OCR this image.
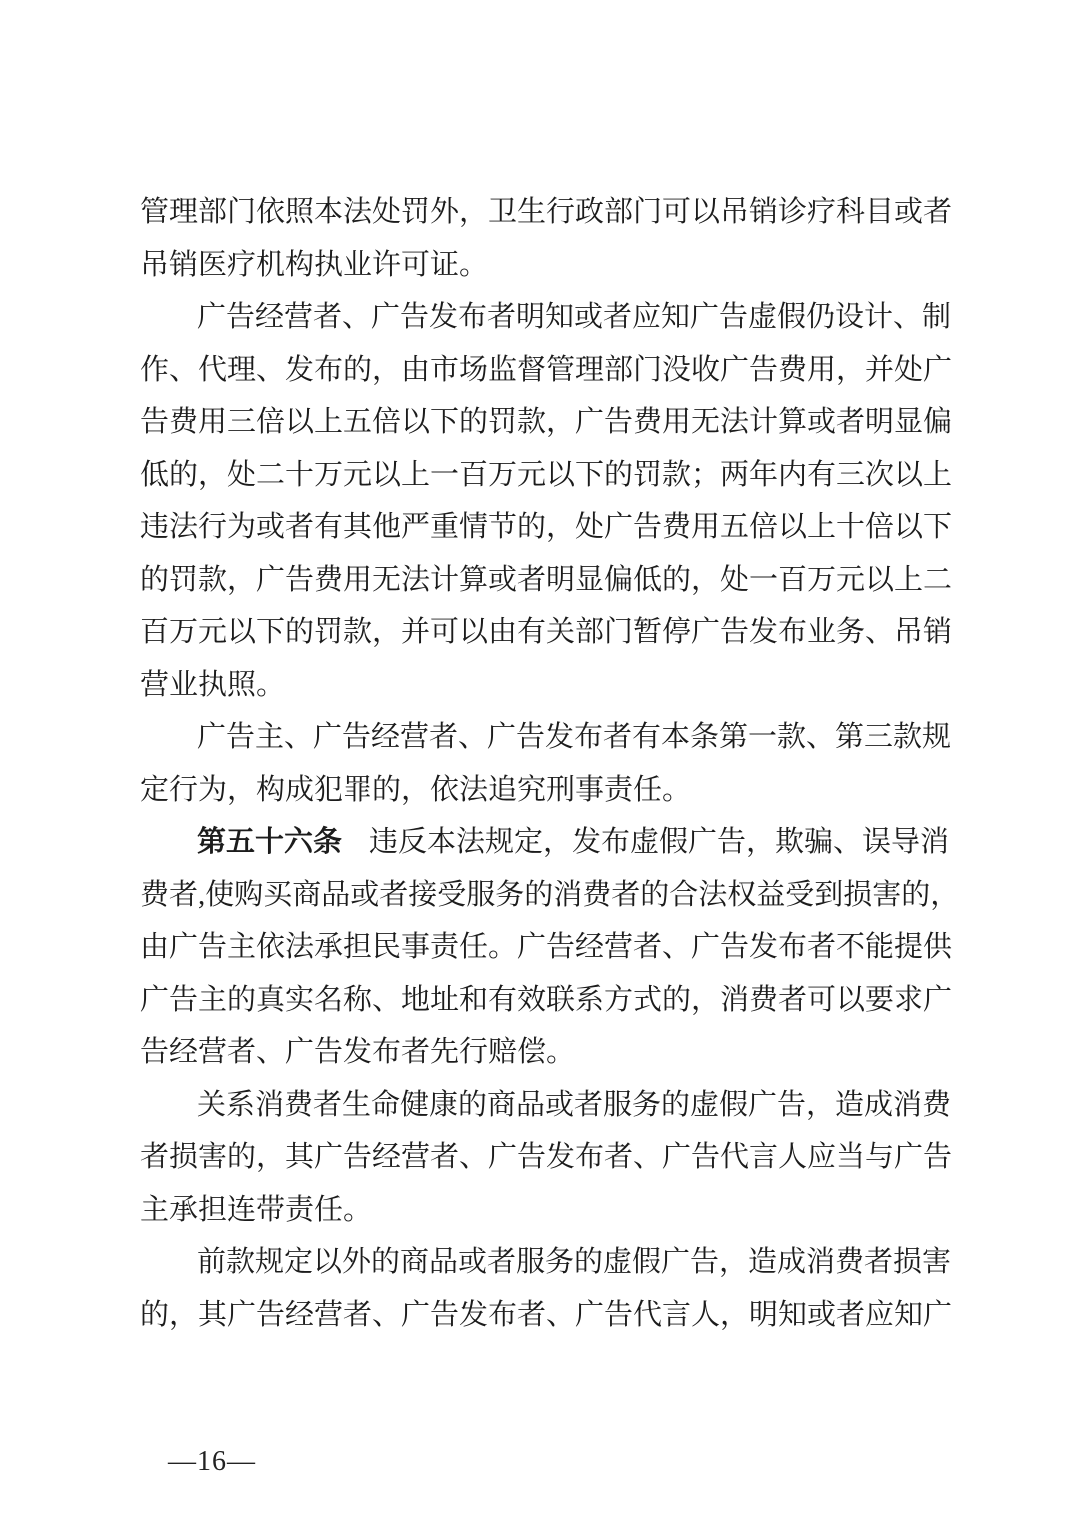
管理部门依照本法处罚外，卫生行政部门可以吊销诊疗科目或者
吊销医疗机构执业许可证。
广告经营者、广告发布者明知或者应知广告虚假仍设计、制
作、代理、发布的，由市场监督管理部门没收广告费用，并处广
告费用三倍以上五倍以下的罚款，广告费用无法计算或者明显偏
低的，处二十万元以上一百万元以下的罚款；两年内有三次以上
违法行为或者有其他严重情节的，处广告费用五倍以上十倍以下
的罚款，广告费用无法计算或者明显偏低的，处一百万元以上二
百万元以下的罚款，并可以由有关部门暂停广告发布业务、吊销
营业执照。
广告主、广告经营者、广告发布者有本条第一款、第三款规
定行为，构成犯罪的，依法追究刑事责任。
第五十六条 违反本法规定，发布虚假广告，欺骗、误导消
费者,使购买商品或者接受服务的消费者的合法权益受到损害的，
由广告主依法承担民事责任。广告经营者、广告发布者不能提供
广告主的真实名称、地址和有效联系方式的，消费者可以要求广
告经营者、广告发布者先行赔偿。
关系消费者生命健康的商品或者服务的虚假广告，造成消费
者损害的，其广告经营者、广告发布者、广告代言人应当与广告
主承担连带责任。
前款规定以外的商品或者服务的虚假广告，造成消费者损害
的，其广告经营者、广告发布者、广告代言人，明知或者应知广
—16—
